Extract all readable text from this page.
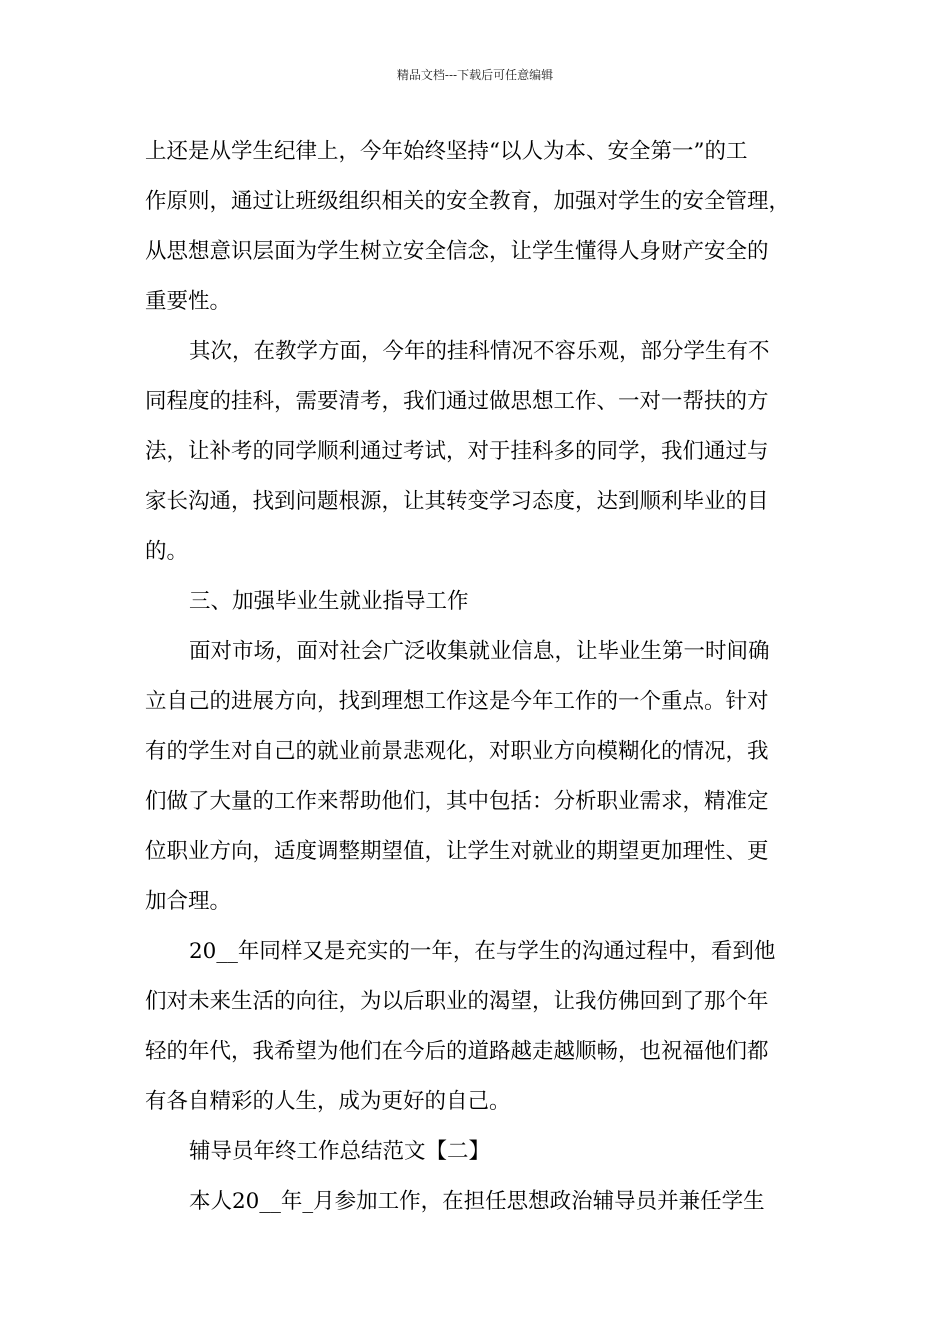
精品文档---下载后可任意编辑
上还是从学生纪律上，今年始终坚持“以人为本、安全第一”的工
作原则，通过让班级组织相关的安全教育，加强对学生的安全管理，
从思想意识层面为学生树立安全信念，让学生懂得人身财产安全的
重要性。
其次，在教学方面，今年的挂科情况不容乐观，部分学生有不
同程度的挂科，需要清考，我们通过做思想工作、一对一帮扶的方
法，让补考的同学顺利通过考试，对于挂科多的同学，我们通过与
家长沟通，找到问题根源，让其转变学习态度，达到顺利毕业的目
的。
三、加强毕业生就业指导工作
面对市场，面对社会广泛收集就业信息，让毕业生第一时间确
立自己的进展方向，找到理想工作这是今年工作的一个重点。针对
有的学生对自己的就业前景悲观化，对职业方向模糊化的情况，我
们做了大量的工作来帮助他们，其中包括：分析职业需求，精准定
位职业方向，适度调整期望值，让学生对就业的期望更加理性、更
加合理。
20__年同样又是充实的一年，在与学生的沟通过程中，看到他
们对未来生活的向往，为以后职业的渴望，让我仿佛回到了那个年
轻的年代，我希望为他们在今后的道路越走越顺畅，也祝福他们都
有各自精彩的人生，成为更好的自己。
辅导员年终工作总结范文【二】
本人20__年_月参加工作，在担任思想政治辅导员并兼任学生
